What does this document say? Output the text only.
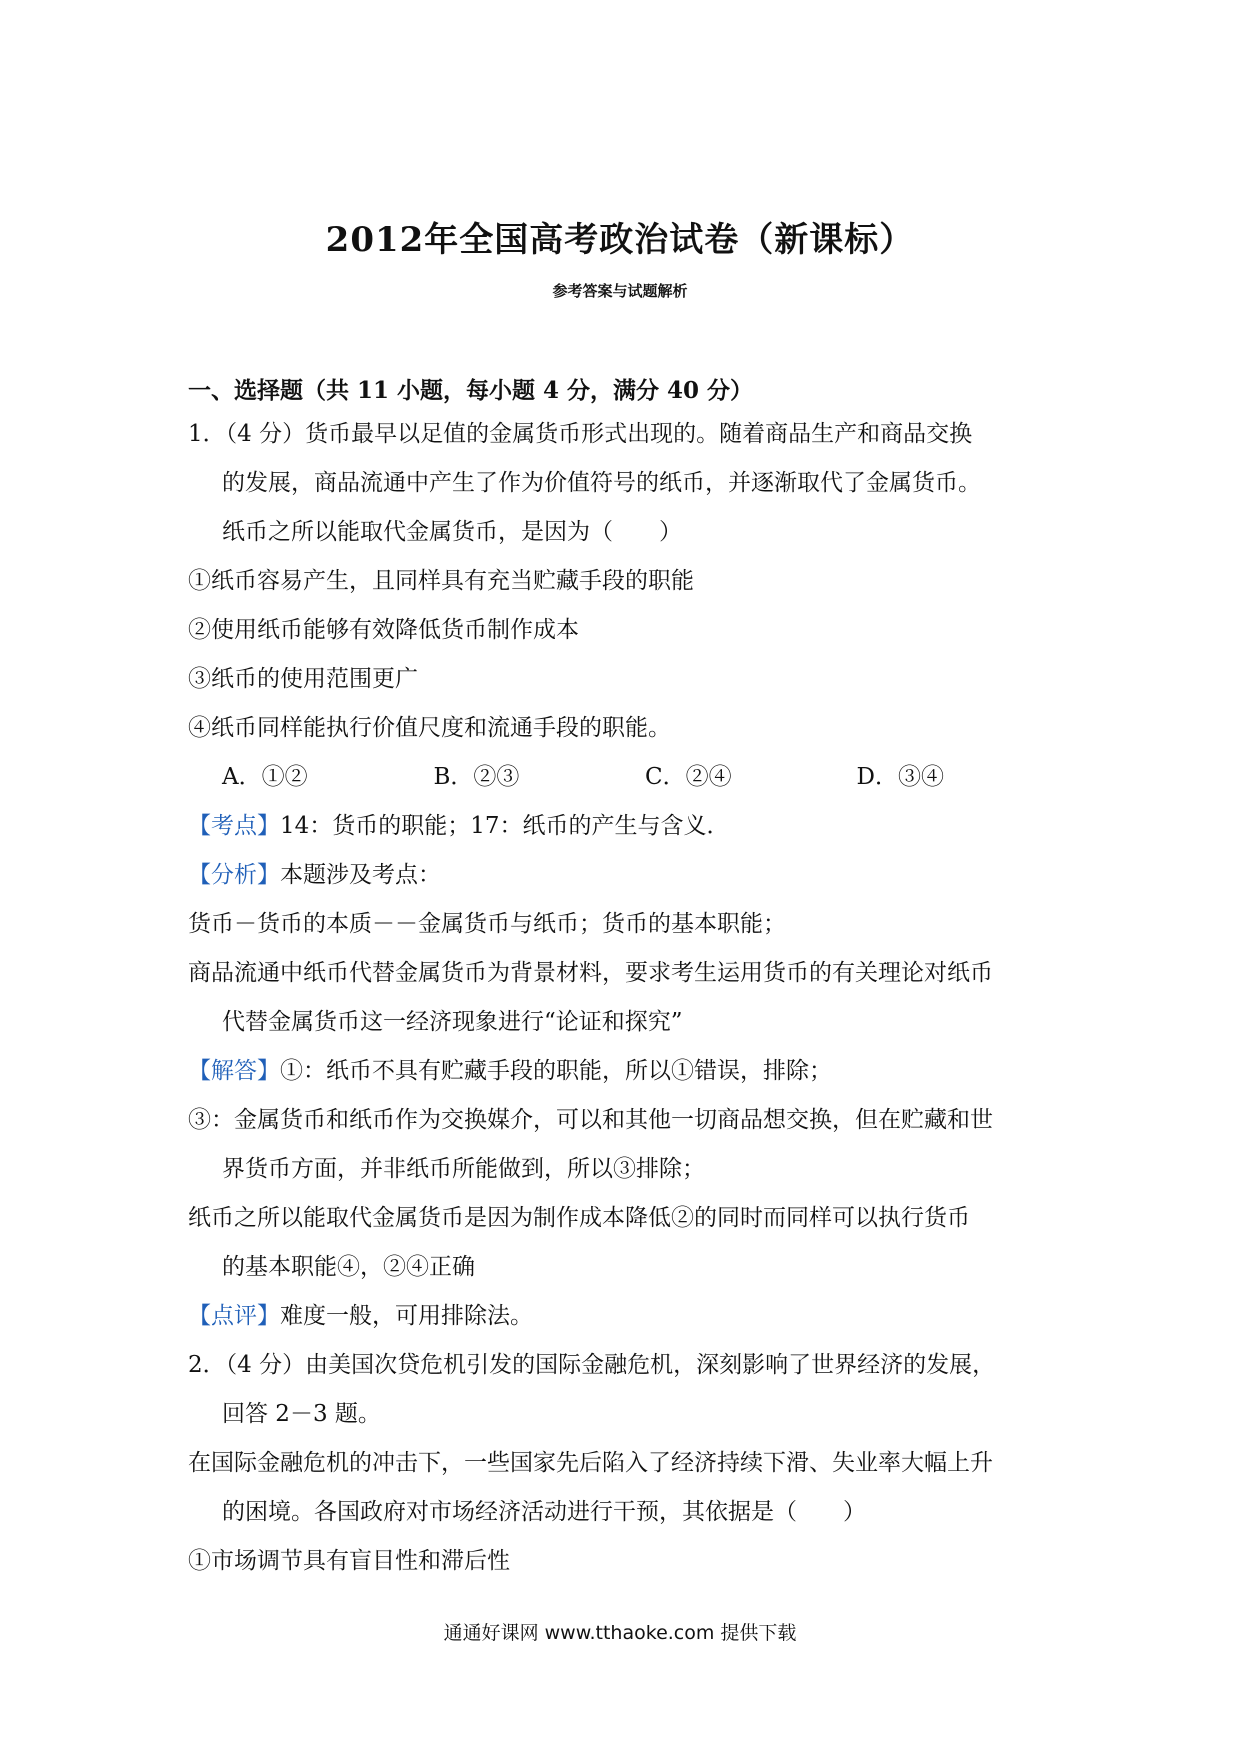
2012年全国高考政治试卷（新课标）
参考答案与试题解析
一、选择题（共 11 小题，每小题 4 分，满分 40 分）
1．（4 分）货币最早以足值的金属货币形式出现的。随着商品生产和商品交换
的发展，商品流通中产生了作为价值符号的纸币，并逐渐取代了金属货币。
纸币之所以能取代金属货币，是因为（　　）
①纸币容易产生，且同样具有充当贮藏手段的职能
②使用纸币能够有效降低货币制作成本
③纸币的使用范围更广
④纸币同样能执行价值尺度和流通手段的职能。
A．①②	B．②③	C．②④	D．③④
【考点】14：货币的职能；17：纸币的产生与含义．
【分析】本题涉及考点：
货币－货币的本质－－金属货币与纸币；货币的基本职能；
商品流通中纸币代替金属货币为背景材料，要求考生运用货币的有关理论对纸币
代替金属货币这一经济现象进行“论证和探究”
【解答】①：纸币不具有贮藏手段的职能，所以①错误，排除；
③：金属货币和纸币作为交换媒介，可以和其他一切商品想交换，但在贮藏和世
界货币方面，并非纸币所能做到，所以③排除；
纸币之所以能取代金属货币是因为制作成本降低②的同时而同样可以执行货币
的基本职能④，②④正确
【点评】难度一般，可用排除法。
2．（4 分）由美国次贷危机引发的国际金融危机，深刻影响了世界经济的发展，
回答 2－3 题。
在国际金融危机的冲击下，一些国家先后陷入了经济持续下滑、失业率大幅上升
的困境。各国政府对市场经济活动进行干预，其依据是（　　）
①市场调节具有盲目性和滞后性
通通好课网 www.tthaoke.com 提供下载
